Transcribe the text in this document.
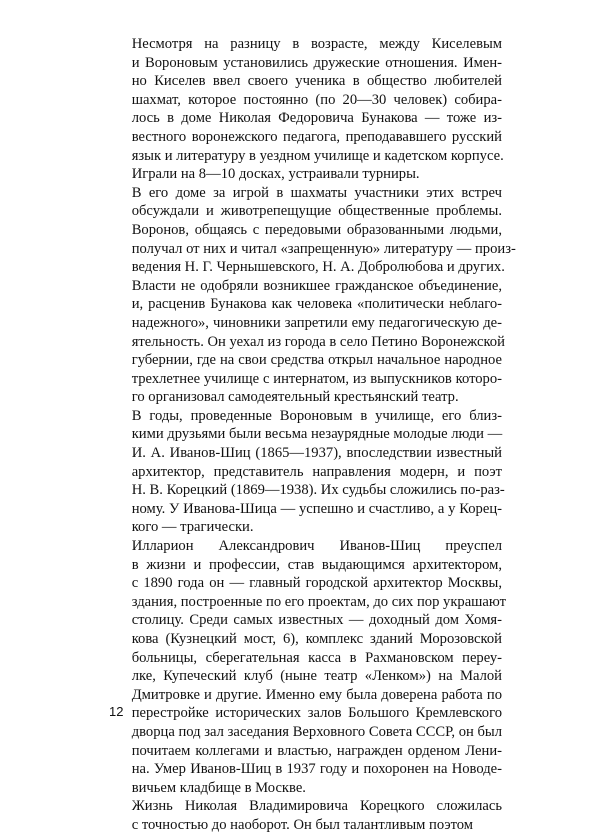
Несмотря на разницу в возрасте, между Киселевым
и Вороновым установились дружеские отношения. Имен-
но Киселев ввел своего ученика в общество любителей
шахмат, которое постоянно (по 20—30 человек) собира-
лось в доме Николая Федоровича Бунакова — тоже из-
вестного воронежского педагога, преподававшего русский
язык и литературу в уездном училище и кадетском корпусе.
Играли на 8—10 досках, устраивали турниры.

В его доме за игрой в шахматы участники этих встреч
обсуждали и животрепещущие общественные проблемы.
Воронов, общаясь с передовыми образованными людьми,
получал от них и читал «запрещенную» литературу — произ-
ведения Н. Г. Чернышевского, Н. А. Добролюбова и других.
Власти не одобряли возникшее гражданское объединение,
и, расценив Бунакова как человека «политически неблаго-
надежного», чиновники запретили ему педагогическую де-
ятельность. Он уехал из города в село Петино Воронежской
губернии, где на свои средства открыл начальное народное
трехлетнее училище с интернатом, из выпускников которо-
го организовал самодеятельный крестьянский театр.

В годы, проведенные Вороновым в училище, его близ-
кими друзьями были весьма незаурядные молодые люди —
И. А. Иванов-Шиц (1865—1937), впоследствии известный
архитектор, представитель направления модерн, и поэт
Н. В. Корецкий (1869—1938). Их судьбы сложились по-раз-
ному. У Иванова-Шица — успешно и счастливо, а у Корец-
кого — трагически.

Илларион Александрович Иванов-Шиц преуспел
в жизни и профессии, став выдающимся архитектором,
с 1890 года он — главный городской архитектор Москвы,
здания, построенные по его проектам, до сих пор украшают
столицу. Среди самых известных — доходный дом Хомя-
кова (Кузнецкий мост, 6), комплекс зданий Морозовской
больницы, сберегательная касса в Рахмановском переу-
лке, Купеческий клуб (ныне театр «Ленком») на Малой
Дмитровке и другие. Именно ему была доверена работа по
перестройке исторических залов Большого Кремлевского
дворца под зал заседания Верховного Совета СССР, он был
почитаем коллегами и властью, награжден орденом Лени-
на. Умер Иванов-Шиц в 1937 году и похоронен на Новоде-
вичьем кладбище в Москве.

Жизнь Николая Владимировича Корецкого сложилась
с точностью до наоборот. Он был талантливым поэтом

12
